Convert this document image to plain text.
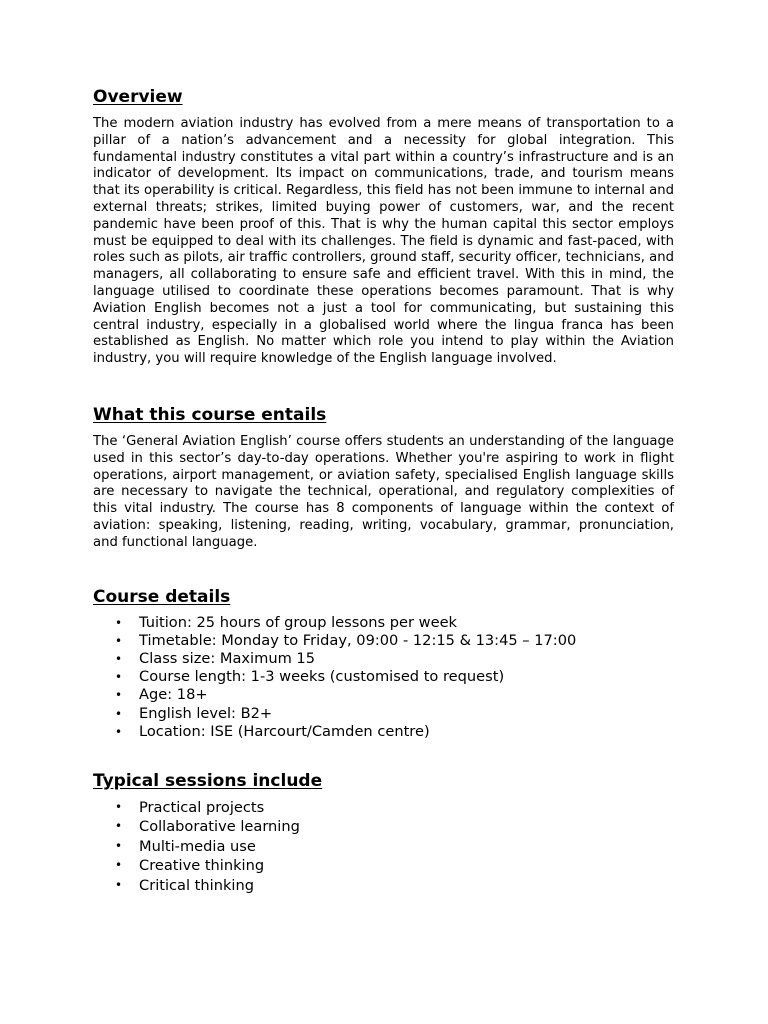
Overview

The modern aviation industry has evolved from a mere means of transportation to a pillar of a nation’s advancement and a necessity for global integration. This fundamental industry constitutes a vital part within a country’s infrastructure and is an indicator of development. Its impact on communications, trade, and tourism means that its operability is critical. Regardless, this field has not been immune to internal and external threats; strikes, limited buying power of customers, war, and the recent pandemic have been proof of this. That is why the human capital this sector employs must be equipped to deal with its challenges. The field is dynamic and fast-paced, with roles such as pilots, air traffic controllers, ground staff, security officer, technicians, and managers, all collaborating to ensure safe and efficient travel. With this in mind, the language utilised to coordinate these operations becomes paramount. That is why Aviation English becomes not a just a tool for communicating, but sustaining this central industry, especially in a globalised world where the lingua franca has been established as English. No matter which role you intend to play within the Aviation industry, you will require knowledge of the English language involved.

What this course entails

The ‘General Aviation English’ course offers students an understanding of the language used in this sector’s day-to-day operations. Whether you're aspiring to work in flight operations, airport management, or aviation safety, specialised English language skills are necessary to navigate the technical, operational, and regulatory complexities of this vital industry. The course has 8 components of language within the context of aviation: speaking, listening, reading, writing, vocabulary, grammar, pronunciation, and functional language.

Course details
• Tuition: 25 hours of group lessons per week
• Timetable: Monday to Friday, 09:00 - 12:15 & 13:45 – 17:00
• Class size: Maximum 15
• Course length: 1-3 weeks (customised to request)
• Age: 18+
• English level: B2+
• Location: ISE (Harcourt/Camden centre)
Typical sessions include
• Practical projects
• Collaborative learning
• Multi-media use
• Creative thinking
• Critical thinking
